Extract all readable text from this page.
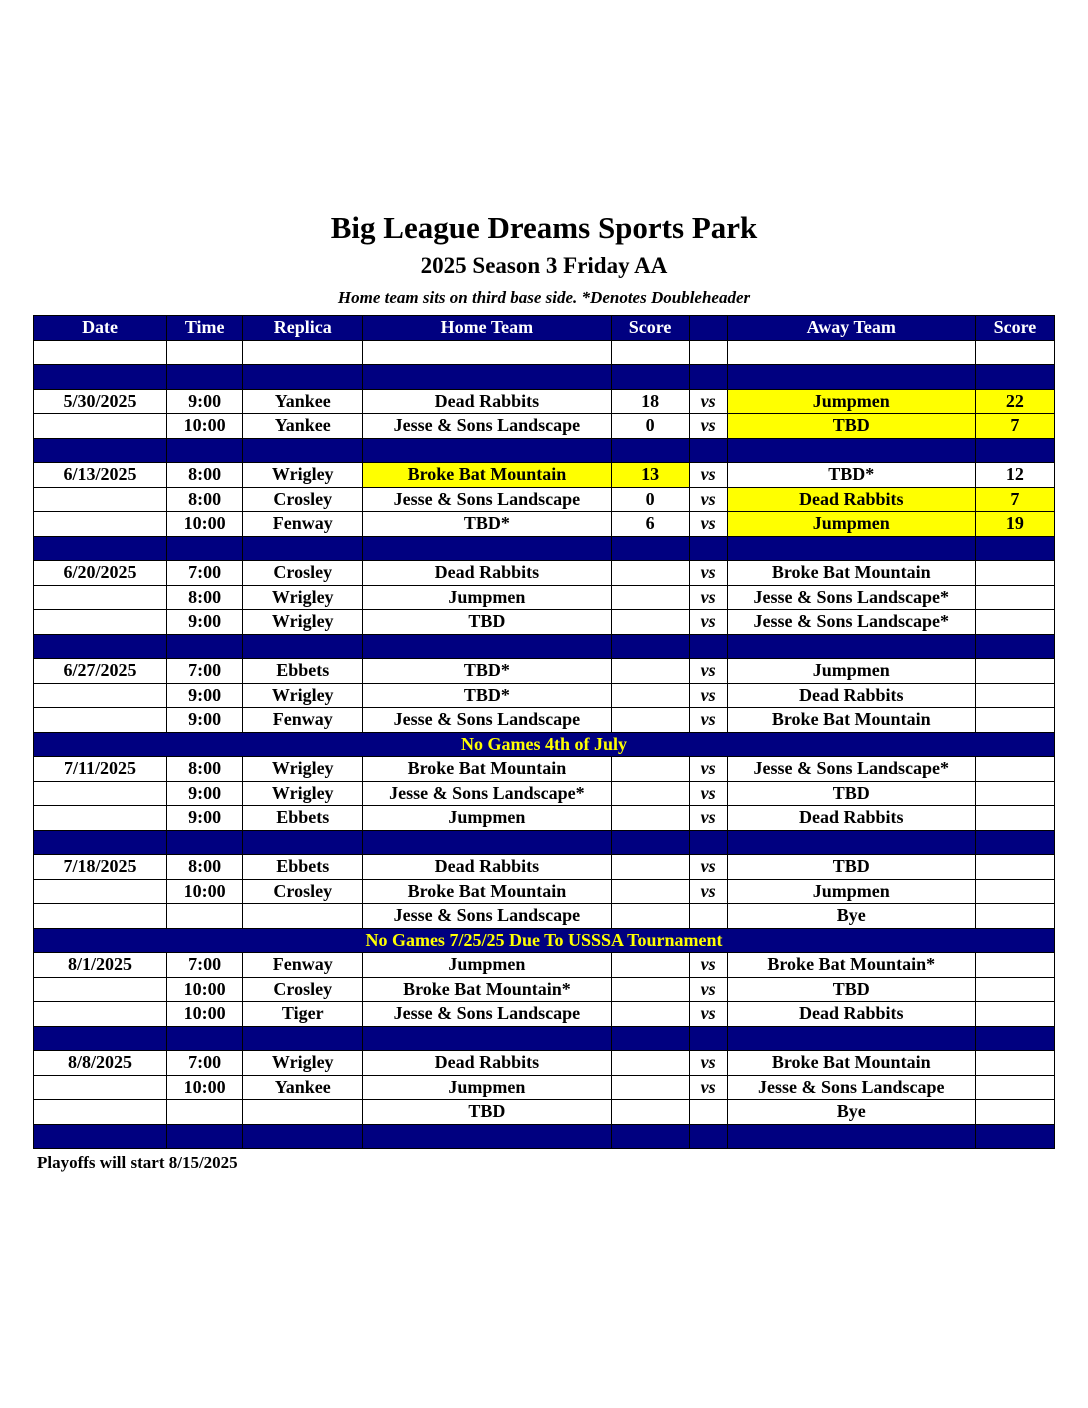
Big League Dreams Sports Park
2025 Season 3 Friday AA
Home team sits on third base side. *Denotes Doubleheader
Date	Time	Replica	Home Team	Score		Away Team	Score

5/30/2025	9:00	Yankee	Dead Rabbits	18	vs	Jumpmen	22
	10:00	Yankee	Jesse & Sons Landscape	0	vs	TBD	7

6/13/2025	8:00	Wrigley	Broke Bat Mountain	13	vs	TBD*	12
	8:00	Crosley	Jesse & Sons Landscape	0	vs	Dead Rabbits	7
	10:00	Fenway	TBD*	6	vs	Jumpmen	19

6/20/2025	7:00	Crosley	Dead Rabbits		vs	Broke Bat Mountain	
	8:00	Wrigley	Jumpmen		vs	Jesse & Sons Landscape*	
	9:00	Wrigley	TBD		vs	Jesse & Sons Landscape*	

6/27/2025	7:00	Ebbets	TBD*		vs	Jumpmen	
	9:00	Wrigley	TBD*		vs	Dead Rabbits	
	9:00	Fenway	Jesse & Sons Landscape		vs	Broke Bat Mountain	
No Games 4th of July							
7/11/2025	8:00	Wrigley	Broke Bat Mountain		vs	Jesse & Sons Landscape*	
	9:00	Wrigley	Jesse & Sons Landscape*		vs	TBD	
	9:00	Ebbets	Jumpmen		vs	Dead Rabbits	

7/18/2025	8:00	Ebbets	Dead Rabbits		vs	TBD	
	10:00	Crosley	Broke Bat Mountain		vs	Jumpmen	
			Jesse & Sons Landscape			Bye	
No Games 7/25/25 Due To USSSA Tournament							
8/1/2025	7:00	Fenway	Jumpmen		vs	Broke Bat Mountain*	
	10:00	Crosley	Broke Bat Mountain*		vs	TBD	
	10:00	Tiger	Jesse & Sons Landscape		vs	Dead Rabbits	

8/8/2025	7:00	Wrigley	Dead Rabbits		vs	Broke Bat Mountain	
	10:00	Yankee	Jumpmen		vs	Jesse & Sons Landscape	
			TBD			Bye	

Playoffs will start 8/15/2025
